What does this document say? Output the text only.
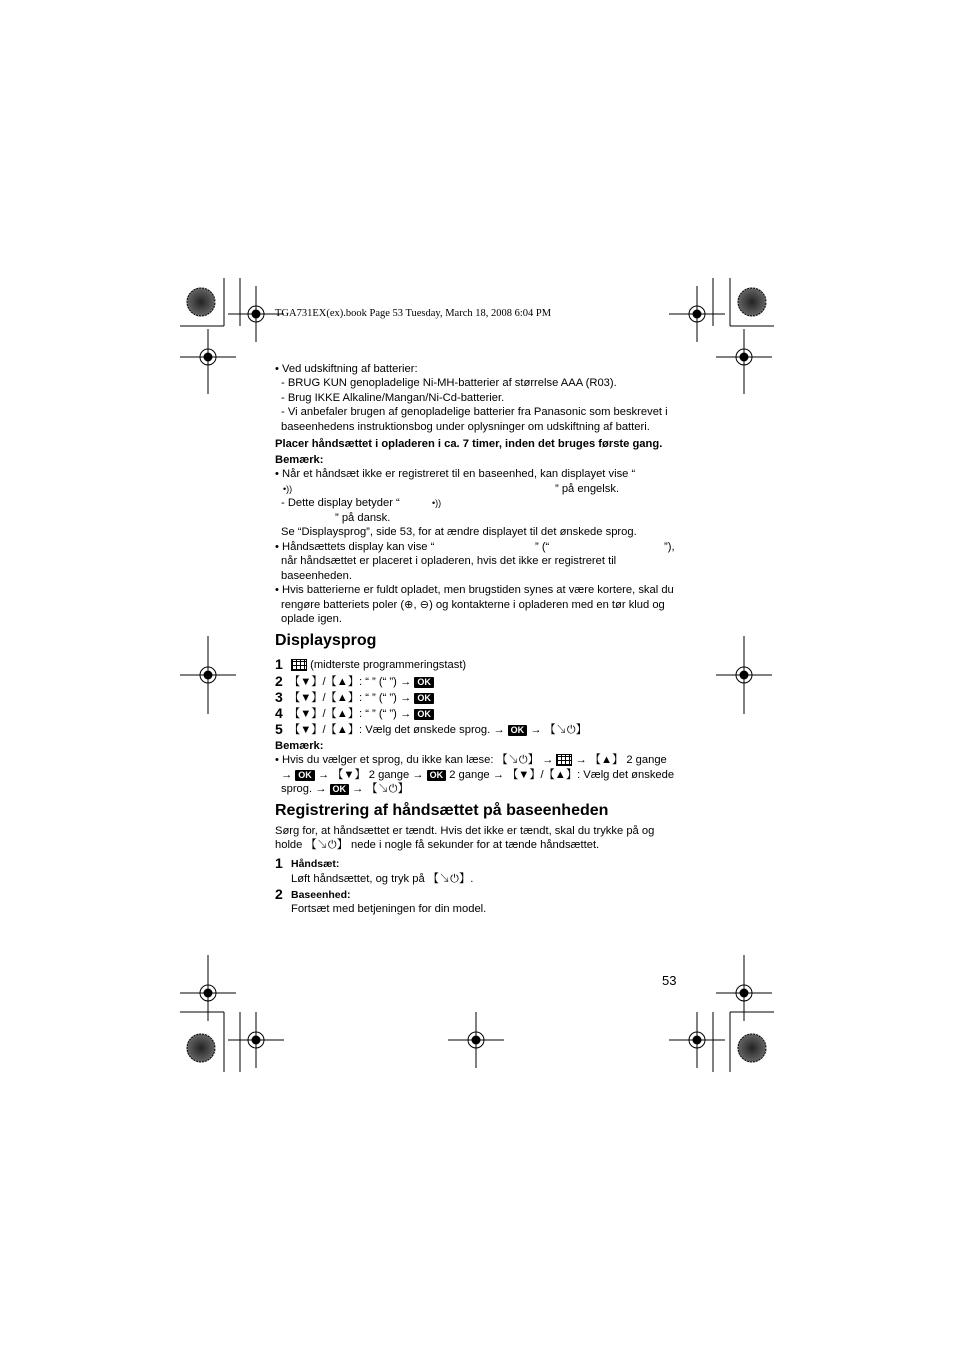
TGA731EX(ex).book Page 53 Tuesday, March 18, 2008 6:04 PM
• Ved udskiftning af batterier:
- BRUG KUN genopladelige Ni-MH-batterier af størrelse AAA (R03).
- Brug IKKE Alkaline/Mangan/Ni-Cd-batterier.
- Vi anbefaler brugen af genopladelige batterier fra Panasonic som beskrevet i
baseenhedens instruktionsbog under oplysninger om udskiftning af batteri.
Placer håndsættet i opladeren i ca. 7 timer, inden det bruges første gang.
Bemærk:
• Når et håndsæt ikke er registreret til en baseenhed, kan displayet vise “
•))	” på engelsk.
- Dette display betyder “	•))
” på dansk.
Se “Displaysprog”, side 53, for at ændre displayet til det ønskede sprog.
• Håndsættets display kan vise “	” (“	”),
når håndsættet er placeret i opladeren, hvis det ikke er registreret til
baseenheden.
• Hvis batterierne er fuldt opladet, men brugstiden synes at være kortere, skal du
rengøre batteriets poler (⊕, ⊖) og kontakterne i opladeren med en tør klud og
oplade igen.
Displaysprog
1	(midterste programmeringstast)
2 【▼】/【▲】: “ ” (“ ”) → OK
3 【▼】/【▲】: “ ” (“ ”) → OK
4 【▼】/【▲】: “ ” (“ ”) → OK
5 【▼】/【▲】: Vælg det ønskede sprog. → OK → 【↘⏻】
Bemærk:
• Hvis du vælger et sprog, du ikke kan læse: 【↘⏻】 → → 【▲】 2 gange
→ OK → 【▼】 2 gange → OK 2 gange → 【▼】/【▲】: Vælg det ønskede
sprog. → OK → 【↘⏻】
Registrering af håndsættet på baseenheden
Sørg for, at håndsættet er tændt. Hvis det ikke er tændt, skal du trykke på og
holde 【↘⏻】 nede i nogle få sekunder for at tænde håndsættet.
1 Håndsæt:
Løft håndsættet, og tryk på 【↘⏻】.
2 Baseenhed:
Fortsæt med betjeningen for din model.
53
